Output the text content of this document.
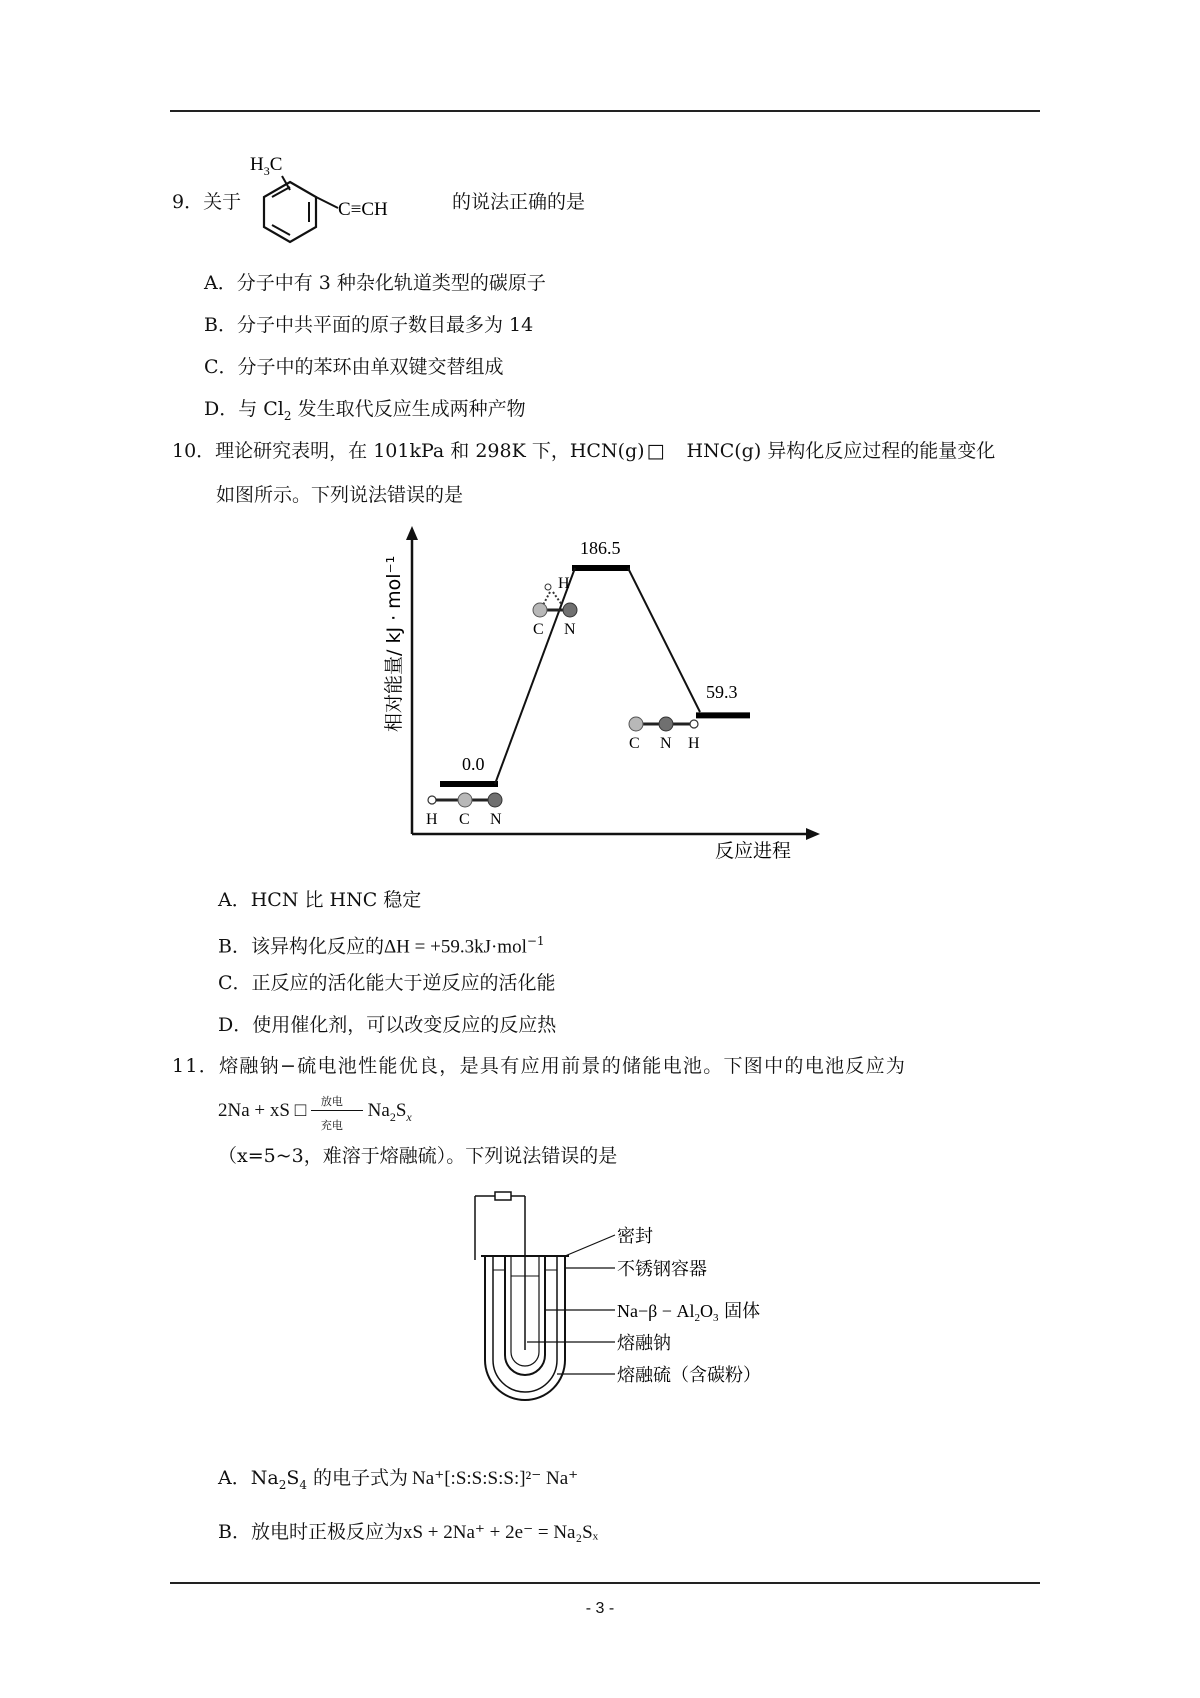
9．关于
$H_3C$
C≡CH	的说法正确的是
A．分子中有 3 种杂化轨道类型的碳原子
B．分子中共平面的原子数目最多为 14
C．分子中的苯环由单双键交替组成
D．与 $Cl_2$ 发生取代反应生成两种产物
10．理论研究表明，在 101kPa 和 298K 下，HCN(g) □ HNC(g) 异构化反应过程的能量变化
如图所示。下列说法错误的是
相对能量/ kJ · mol⁻¹
反应进程
0.0
186.5
59.3
H C N
H
C N
C N H
A．HCN 比 HNC 稳定
B．该异构化反应的ΔH = +59.3kJ·mol$^{-1}$
C．正反应的活化能大于逆反应的活化能
D．使用催化剂，可以改变反应的反应热
11．熔融钠−硫电池性能优良，是具有应用前景的储能电池。下图中的电池反应为
2Na + xS □ 放电
充电
$Na_2S_x$
（x=5~3，难溶于熔融硫）。下列说法错误的是
密封
不锈钢容器
$Na-\beta - Al_2O_3$ 固体
熔融钠
熔融硫（含碳粉）
A．$Na_2S_4$ 的电子式为 Na⁺[:S:S:S:S:]²⁻ Na⁺
B．放电时正极反应为xS + 2Na⁺ + 2e⁻ = Na₂Sₓ
- 3 -
